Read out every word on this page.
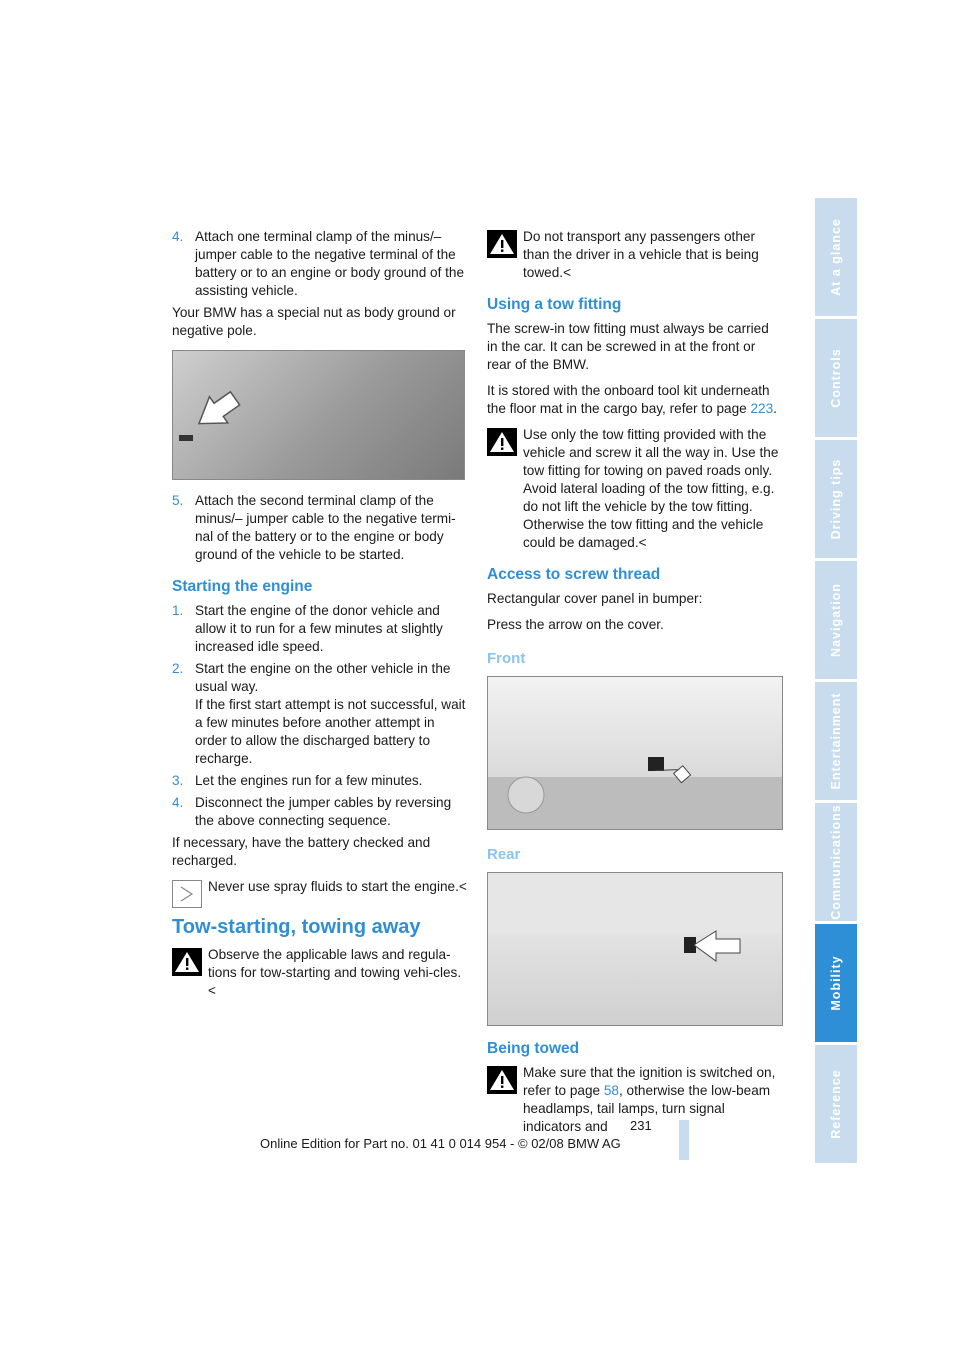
4. Attach one terminal clamp of the minus/– jumper cable to the negative terminal of the battery or to an engine or body ground of the assisting vehicle.

Your BMW has a special nut as body ground or negative pole.

5. Attach the second terminal clamp of the minus/– jumper cable to the negative termi-nal of the battery or to the engine or body ground of the vehicle to be started.
Starting the engine
1. Start the engine of the donor vehicle and allow it to run for a few minutes at slightly increased idle speed.
2. Start the engine on the other vehicle in the usual way.
If the first start attempt is not successful, wait a few minutes before another attempt in order to allow the discharged battery to recharge.
3. Let the engines run for a few minutes.
4. Disconnect the jumper cables by reversing the above connecting sequence.

If necessary, have the battery checked and recharged.

Never use spray fluids to start the engine.<
Tow-starting, towing away
Observe the applicable laws and regula-tions for tow-starting and towing vehi-cles.<
Do not transport any passengers other than the driver in a vehicle that is being towed.<
Using a tow fitting

The screw-in tow fitting must always be carried in the car. It can be screwed in at the front or rear of the BMW.

It is stored with the onboard tool kit underneath the floor mat in the cargo bay, refer to page 223.

Use only the tow fitting provided with the vehicle and screw it all the way in. Use the tow fitting for towing on paved roads only. Avoid lateral loading of the tow fitting, e.g. do not lift the vehicle by the tow fitting. Otherwise the tow fitting and the vehicle could be damaged.<
Access to screw thread

Rectangular cover panel in bumper:

Press the arrow on the cover.

Front
Rear
Being towed
Make sure that the ignition is switched on, refer to page 58, otherwise the low-beam headlamps, tail lamps, turn signal indicators and
At a glance
Controls
Driving tips
Navigation
Entertainment
Communications
Mobility
Reference
231
Online Edition for Part no. 01 41 0 014 954 - © 02/08 BMW AG
